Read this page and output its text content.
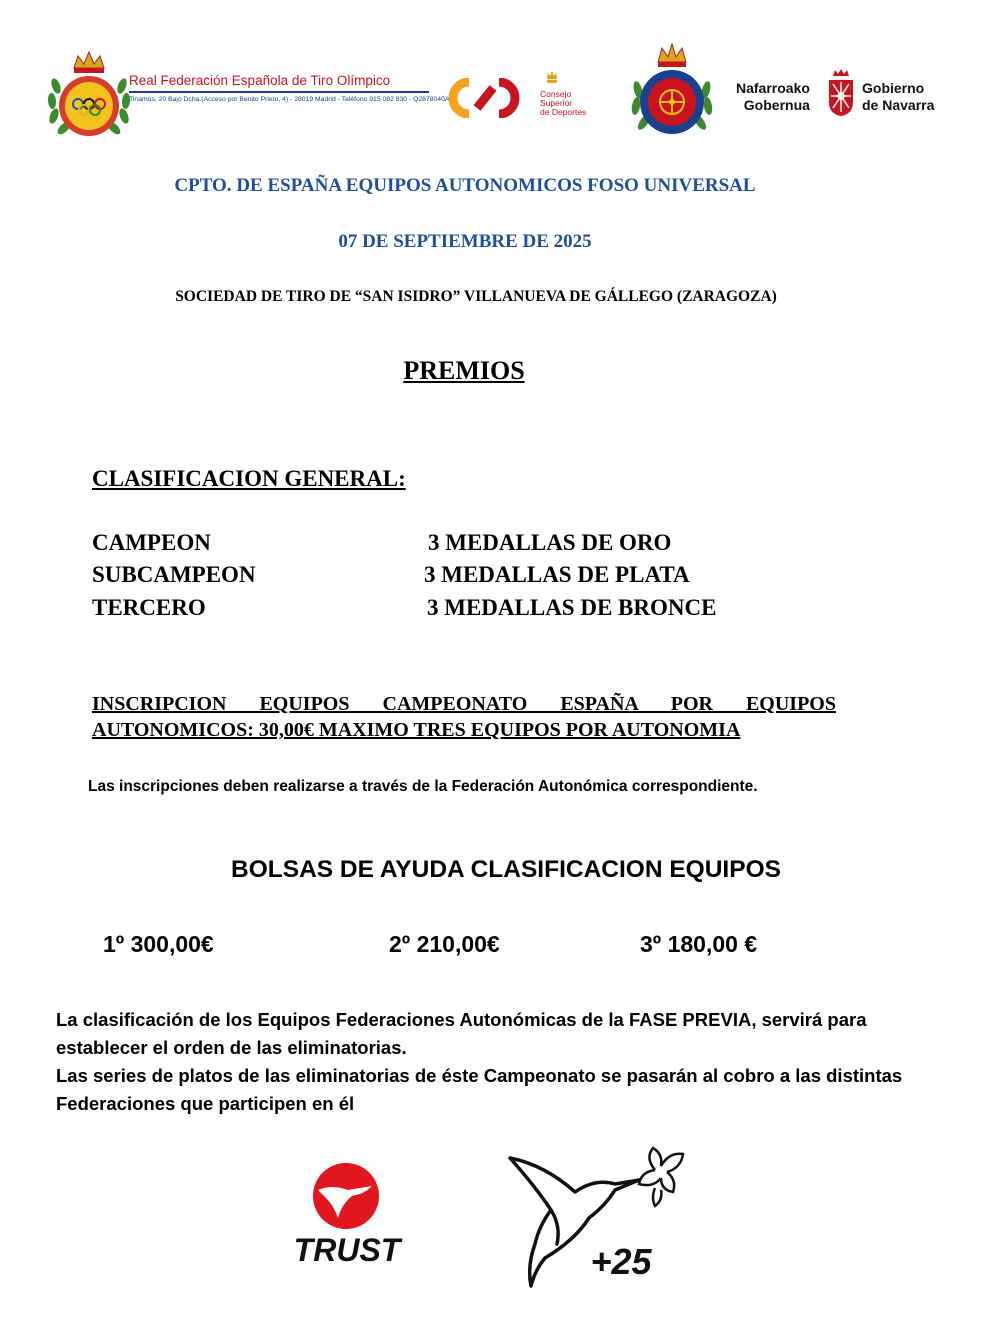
Real Federación Española de Tiro Olímpico
Tinamús, 20 Bajo Dcha.(Acceso por Benito Prieto, 4) - 28019 Madrid - Teléfono 915 082 830 - Q2878040A
Consejo
Superior
de Deportes
Nafarroako
Gobernua
Gobierno
de Navarra
CPTO. DE ESPAÑA EQUIPOS AUTONOMICOS FOSO UNIVERSAL
07 DE SEPTIEMBRE DE 2025
SOCIEDAD DE TIRO DE “SAN ISIDRO” VILLANUEVA DE GÁLLEGO (ZARAGOZA)
PREMIOS
CLASIFICACION GENERAL:
CAMPEON	3 MEDALLAS DE ORO
SUBCAMPEON	3 MEDALLAS DE PLATA
TERCERO	3 MEDALLAS DE BRONCE
INSCRIPCION EQUIPOS CAMPEONATO ESPAÑA POR EQUIPOS
AUTONOMICOS: 30,00€ MAXIMO TRES EQUIPOS POR AUTONOMIA
Las inscripciones deben realizarse a través de la Federación Autonómica correspondiente.
BOLSAS DE AYUDA CLASIFICACION EQUIPOS
1º 300,00€	2º 210,00€	3º 180,00 €

La clasificación de los Equipos Federaciones Autonómicas de la FASE PREVIA, servirá para establecer el orden de las eliminatorias.

Las series de platos de las eliminatorias de éste Campeonato se pasarán al cobro a las distintas Federaciones que participen en él

TRUST	+25
